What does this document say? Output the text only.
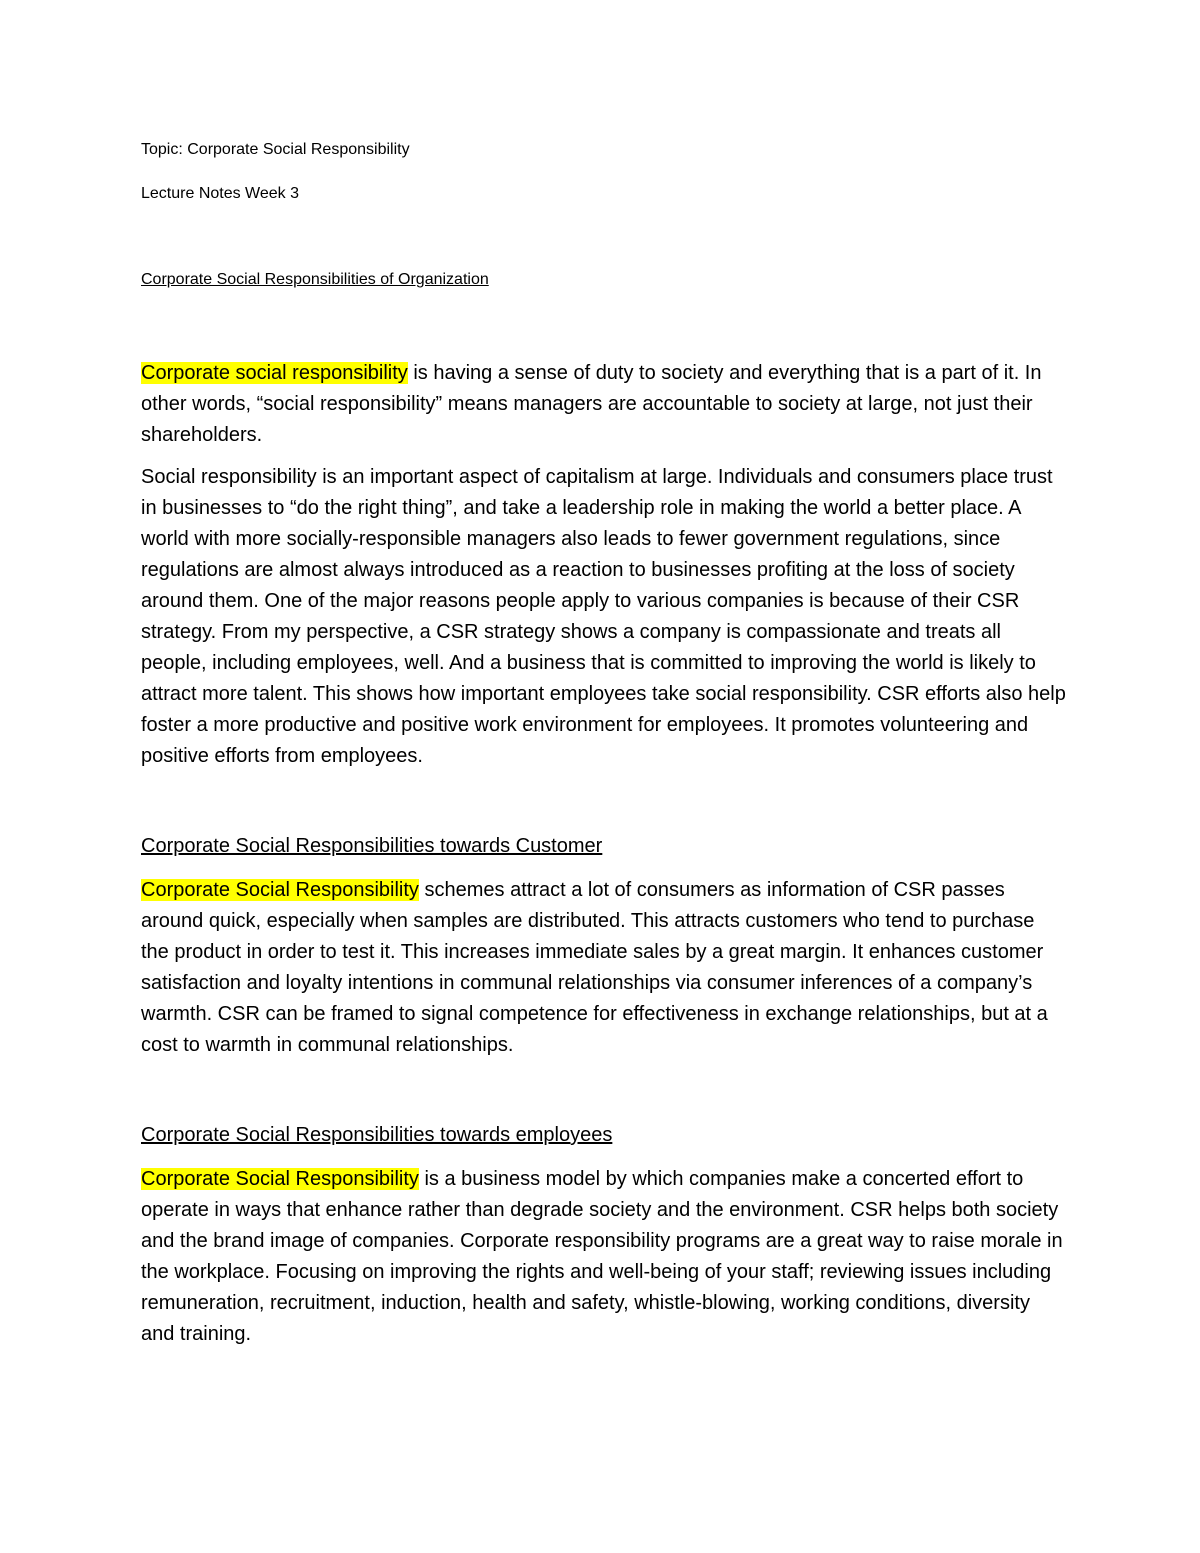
Topic: Corporate Social Responsibility

Lecture Notes Week 3

Corporate Social Responsibilities of Organization

Corporate social responsibility is having a sense of duty to society and everything that is a part of it. In other words, “social responsibility” means managers are accountable to society at large, not just their shareholders.

Social responsibility is an important aspect of capitalism at large. Individuals and consumers place trust in businesses to “do the right thing”, and take a leadership role in making the world a better place. A world with more socially-responsible managers also leads to fewer government regulations, since regulations are almost always introduced as a reaction to businesses profiting at the loss of society around them. One of the major reasons people apply to various companies is because of their CSR strategy. From my perspective, a CSR strategy shows a company is compassionate and treats all people, including employees, well. And a business that is committed to improving the world is likely to attract more talent. This shows how important employees take social responsibility. CSR efforts also help foster a more productive and positive work environment for employees. It promotes volunteering and positive efforts from employees.

Corporate Social Responsibilities towards Customer

Corporate Social Responsibility schemes attract a lot of consumers as information of CSR passes around quick, especially when samples are distributed. This attracts customers who tend to purchase the product in order to test it. This increases immediate sales by a great margin. It enhances customer satisfaction and loyalty intentions in communal relationships via consumer inferences of a company’s warmth. CSR can be framed to signal competence for effectiveness in exchange relationships, but at a cost to warmth in communal relationships.

Corporate Social Responsibilities towards employees

Corporate Social Responsibility is a business model by which companies make a concerted effort to operate in ways that enhance rather than degrade society and the environment. CSR helps both society and the brand image of companies. Corporate responsibility programs are a great way to raise morale in the workplace. Focusing on improving the rights and well-being of your staff; reviewing issues including remuneration, recruitment, induction, health and safety, whistle-blowing, working conditions, diversity and training.
